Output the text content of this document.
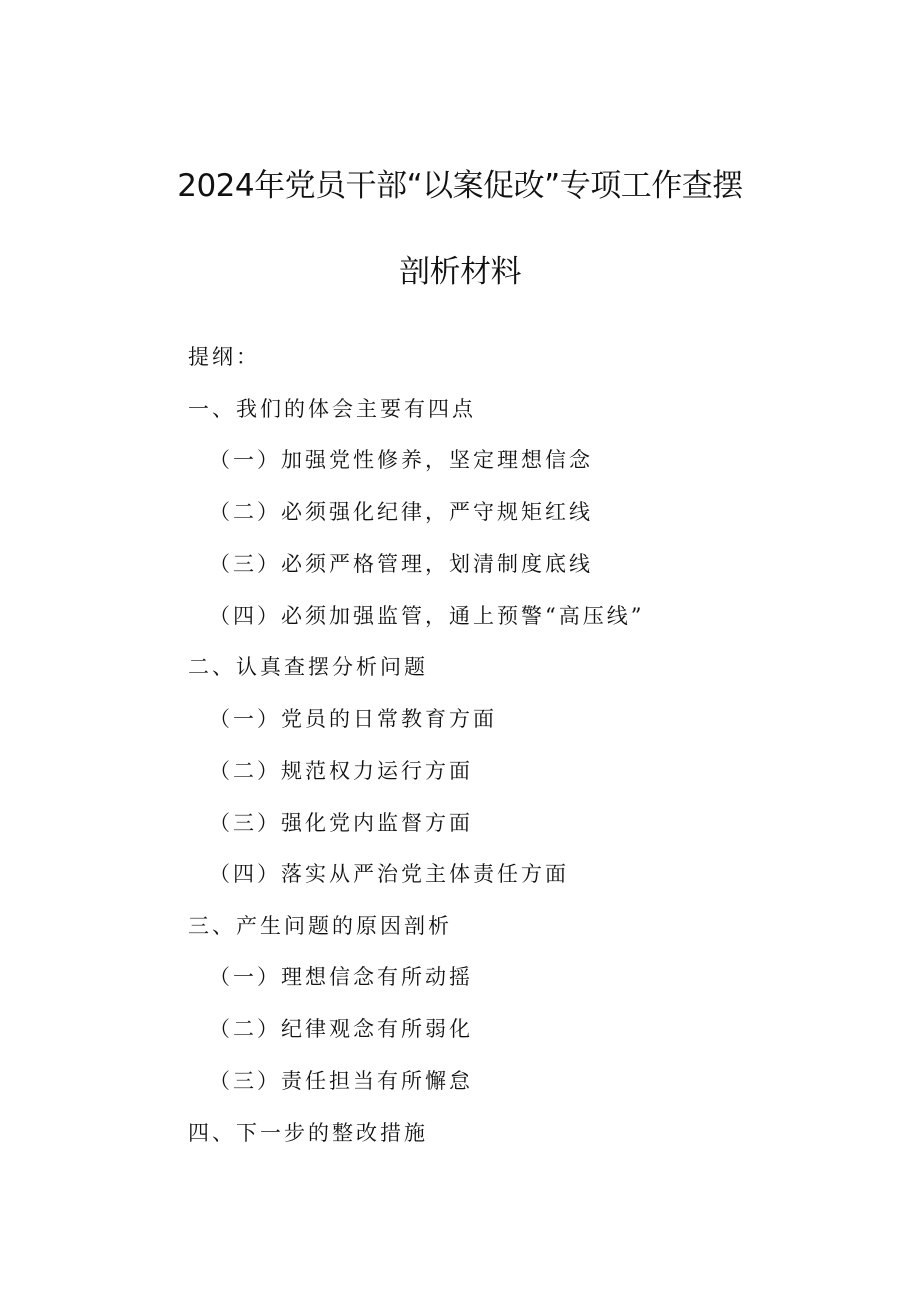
2024年党员干部“以案促改”专项工作查摆
剖析材料

提纲：

一、我们的体会主要有四点

（一）加强党性修养，坚定理想信念

（二）必须强化纪律，严守规矩红线

（三）必须严格管理，划清制度底线

（四）必须加强监管，通上预警“高压线”

二、认真查摆分析问题

（一）党员的日常教育方面

（二）规范权力运行方面

（三）强化党内监督方面

（四）落实从严治党主体责任方面

三、产生问题的原因剖析

（一）理想信念有所动摇

（二）纪律观念有所弱化

（三）责任担当有所懈怠

四、下一步的整改措施
